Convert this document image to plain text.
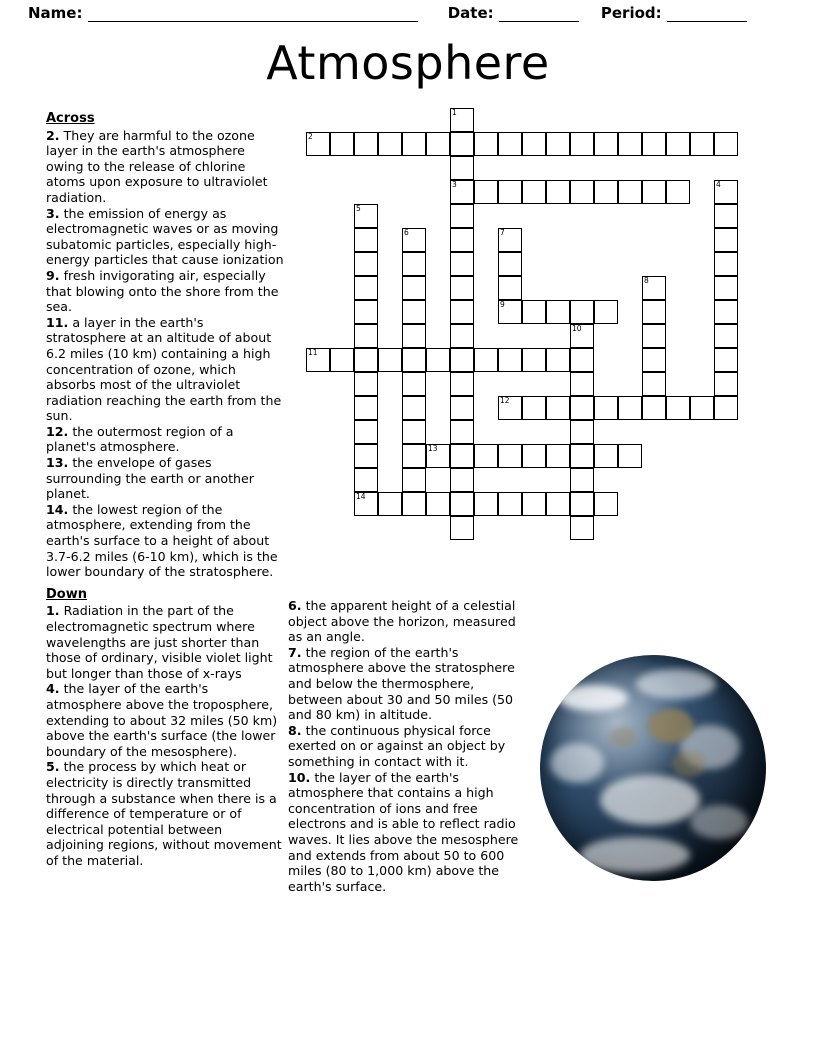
Name:	Date:	Period:
Atmosphere
Across
2. They are harmful to the ozone layer in the earth's atmosphere owing to the release of chlorine atoms upon exposure to ultraviolet radiation.
3. the emission of energy as electromagnetic waves or as moving subatomic particles, especially high-energy particles that cause ionization
9. fresh invigorating air, especially that blowing onto the shore from the sea.
11. a layer in the earth's stratosphere at an altitude of about 6.2 miles (10 km) containing a high concentration of ozone, which absorbs most of the ultraviolet radiation reaching the earth from the sun.
12. the outermost region of a planet's atmosphere.
13. the envelope of gases surrounding the earth or another planet.
14. the lowest region of the atmosphere, extending from the earth's surface to a height of about 3.7-6.2 miles (6-10 km), which is the lower boundary of the stratosphere.
Down
1. Radiation in the part of the electromagnetic spectrum where wavelengths are just shorter than those of ordinary, visible violet light but longer than those of x-rays
4. the layer of the earth's atmosphere above the troposphere, extending to about 32 miles (50 km) above the earth's surface (the lower boundary of the mesosphere).
5. the process by which heat or electricity is directly transmitted through a substance when there is a difference of temperature or of electrical potential between adjoining regions, without movement of the material.
6. the apparent height of a celestial object above the horizon, measured as an angle.
7. the region of the earth's atmosphere above the stratosphere and below the thermosphere, between about 30 and 50 miles (50 and 80 km) in altitude.
8. the continuous physical force exerted on or against an object by something in contact with it.
10. the layer of the earth's atmosphere that contains a high concentration of ions and free electrons and is able to reflect radio waves. It lies above the mesosphere and extends from about 50 to 600 miles (80 to 1,000 km) above the earth's surface.
1
2
3	4
5
6	7
8
9
10
11
12
13
14
